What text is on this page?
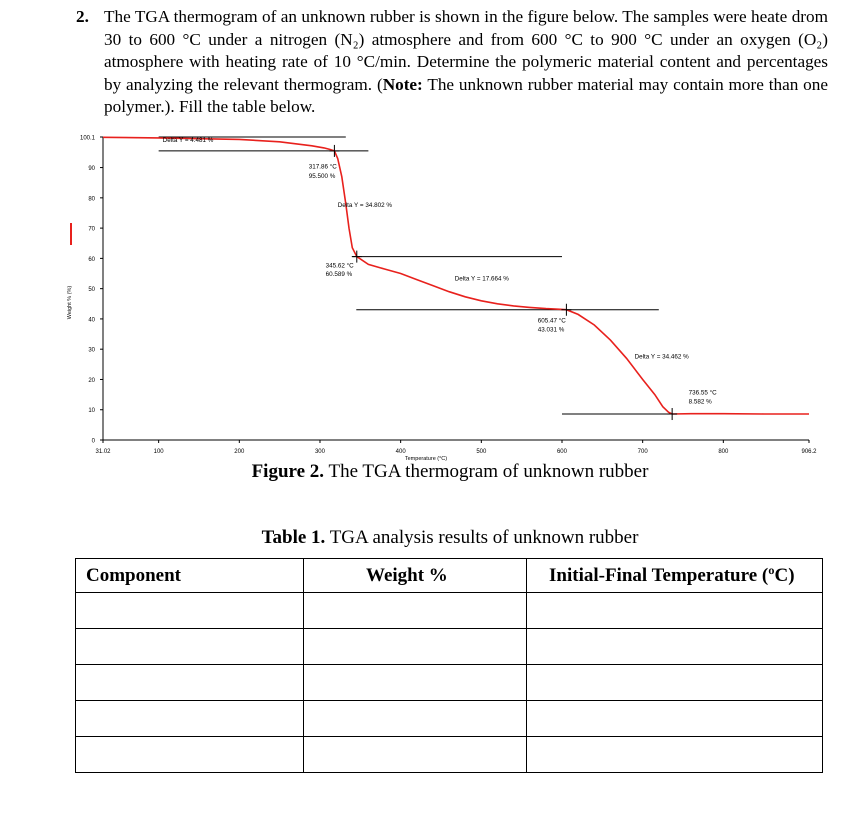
2. The TGA thermogram of an unknown rubber is shown in the figure below. The samples were heate drom 30 to 600 °C under a nitrogen (N₂) atmosphere and from 600 °C to 900 °C under an oxygen (O₂) atmosphere with heating rate of 10 °C/min. Determine the polymeric material content and percentages by analyzing the relevant thermogram. (Note: The unknown rubber material may contain more than one polymer.). Fill the table below.
0
10
20
30
40
50
60
70
80
90
100.1
31.02	100	200	300	400	500	600	700	800	906.2
Temperature (°C)
Weight % (%)
Delta Y = 4.481 %
317.86 °C
95.500 %
Delta Y = 34.802 %
345.62 °C
60.589 %
Delta Y = 17.664 %
605.47 °C
43.031 %
Delta Y = 34.462 %
736.55 °C
8.582 %
Figure 2. The TGA thermogram of unknown rubber
Table 1. TGA analysis results of unknown rubber
Component	Weight %	Initial-Final Temperature (ºC)
